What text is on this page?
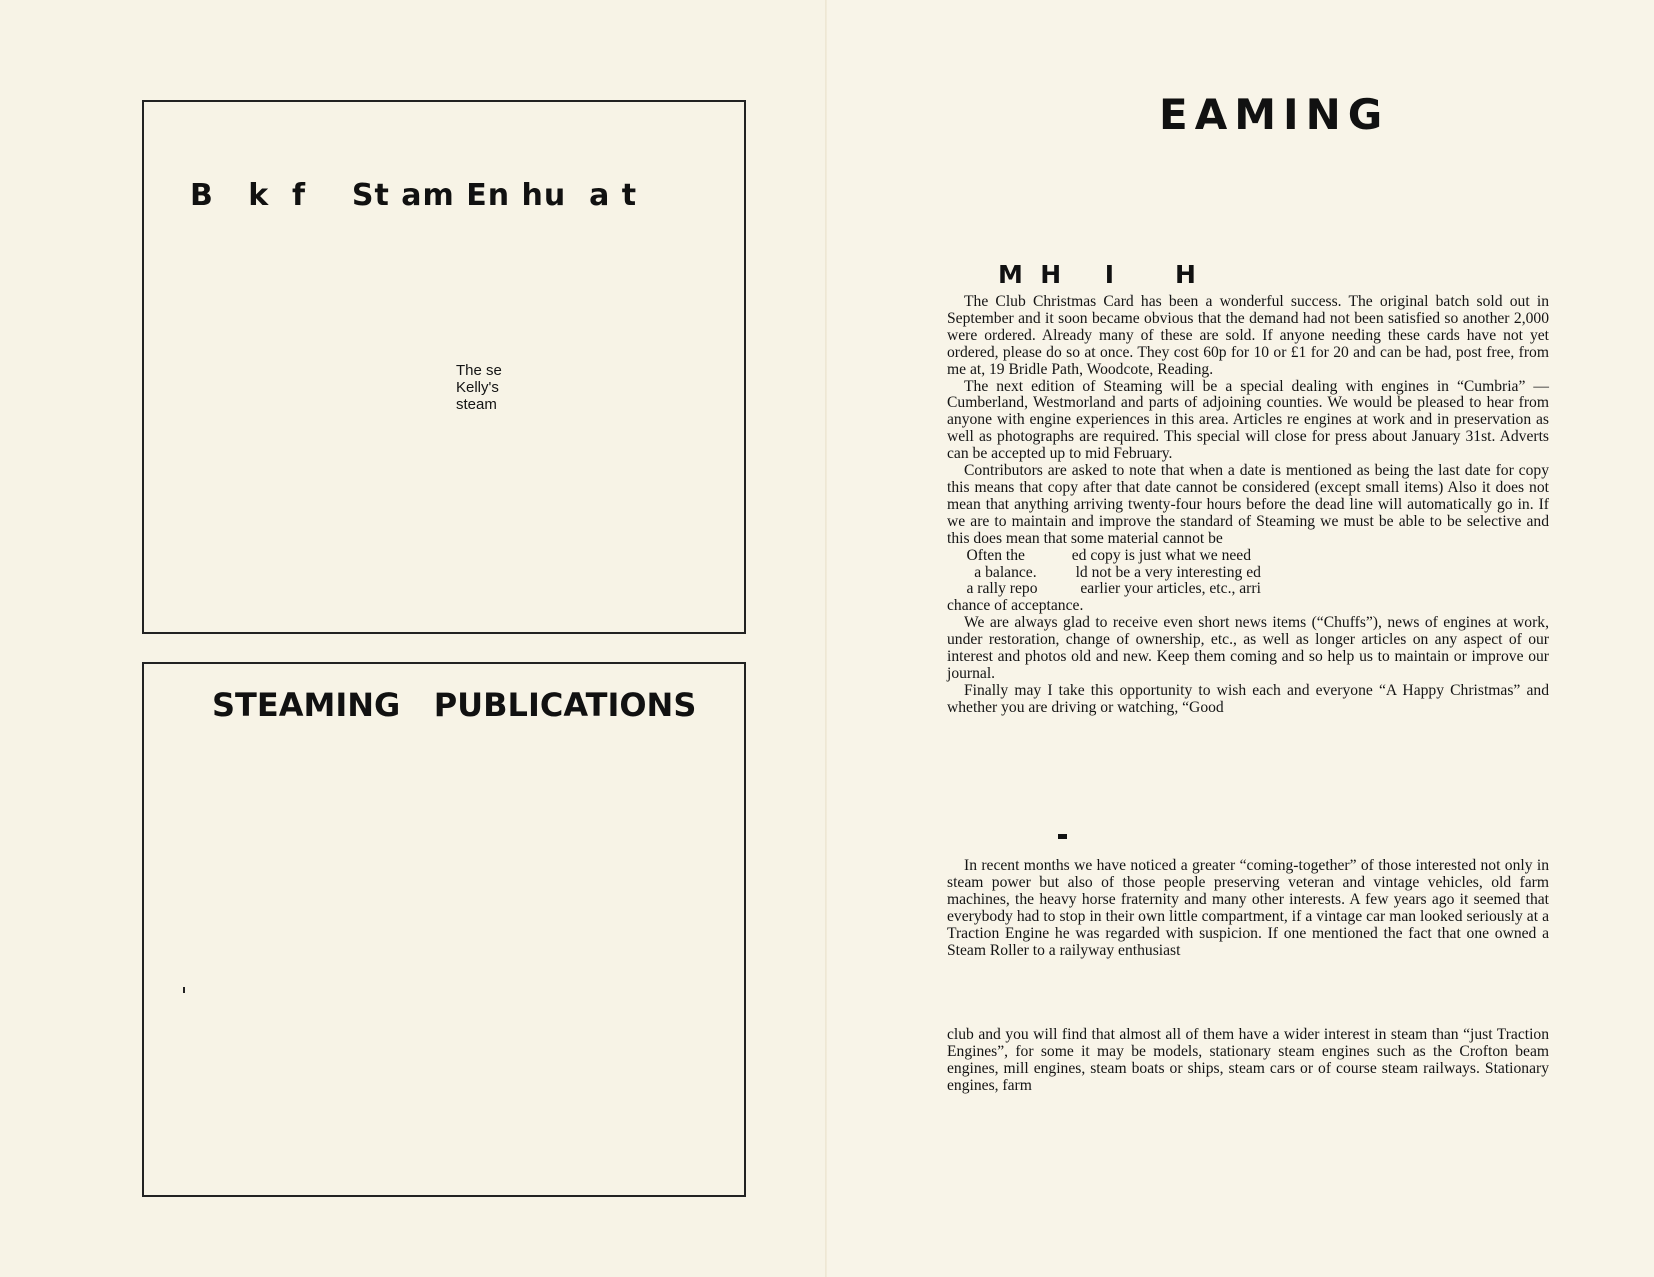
B   k  f    St am En hu  a t
The se
Kelly's
steam
STEAMING   PUBLICATIONS
EAMING
M  H     I       H

The Club Christmas Card has been a wonderful success. The original batch sold out in September and it soon became obvious that the demand had not been satisfied so another 2,000 were ordered. Already many of these are sold. If anyone needing these cards have not yet ordered, please do so at once. They cost 60p for 10 or £1 for 20 and can be had, post free, from me at, 19 Bridle Path, Woodcote, Reading.

The next edition of Steaming will be a special dealing with engines in “Cumbria” — Cumberland, Westmorland and parts of adjoining counties. We would be pleased to hear from anyone with engine experiences in this area. Articles re engines at work and in preservation as well as photographs are required. This special will close for press about January 31st. Adverts can be accepted up to mid February.

Contributors are asked to note that when a date is mentioned as being the last date for copy this means that copy after that date cannot be considered (except small items) Also it does not mean that anything arriving twenty-four hours before the dead line will automatically go in. If we are to maintain and improve the standard of Steaming we must be able to be selective and this does mean that some material cannot be

Often the            ed copy is just what we need
a balance.          ld not be a very interesting ed
a rally repo           earlier your articles, etc., arri

chance of acceptance.

We are always glad to receive even short news items (“Chuffs”), news of engines at work, under restoration, change of ownership, etc., as well as longer articles on any aspect of our interest and photos old and new. Keep them coming and so help us to maintain or improve our journal.

Finally may I take this opportunity to wish each and everyone “A Happy Christmas” and whether you are driving or watching, “Good

In recent months we have noticed a greater “coming-together” of those interested not only in steam power but also of those people preserving veteran and vintage vehicles, old farm machines, the heavy horse fraternity and many other interests. A few years ago it seemed that everybody had to stop in their own little compartment, if a vintage car man looked seriously at a Traction Engine he was regarded with suspicion. If one mentioned the fact that one owned a Steam Roller to a railyway enthusiast

club and you will find that almost all of them have a wider interest in steam than “just Traction Engines”, for some it may be models, stationary steam engines such as the Crofton beam engines, mill engines, steam boats or ships, steam cars or of course steam railways. Stationary engines, farm
